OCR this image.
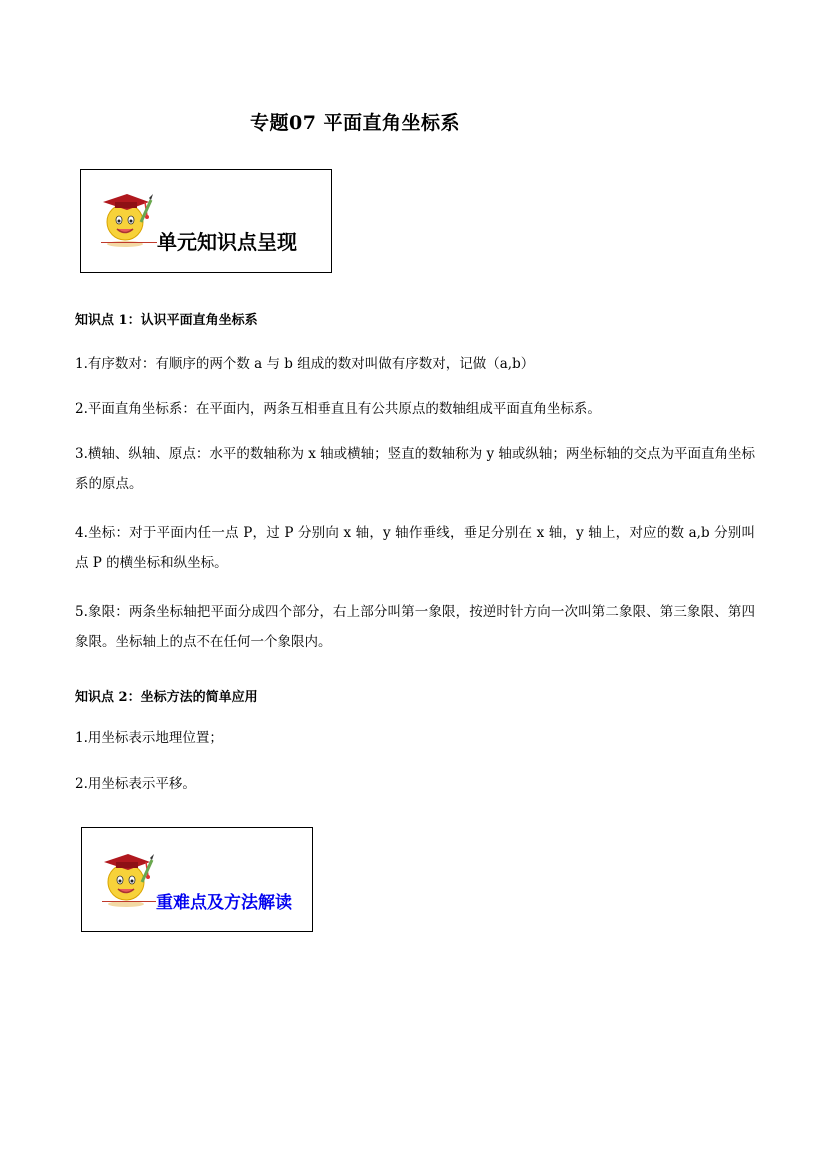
专题07 平面直角坐标系
单元知识点呈现
知识点 1：认识平面直角坐标系
1.有序数对：有顺序的两个数 a 与 b 组成的数对叫做有序数对，记做（a,b）
2.平面直角坐标系：在平面内，两条互相垂直且有公共原点的数轴组成平面直角坐标系。
3.横轴、纵轴、原点：水平的数轴称为 x 轴或横轴；竖直的数轴称为 y 轴或纵轴；两坐标轴的交点为平面直角坐标系的原点。
4.坐标：对于平面内任一点 P，过 P 分别向 x 轴，y 轴作垂线，垂足分别在 x 轴，y 轴上，对应的数 a,b 分别叫点 P 的横坐标和纵坐标。
5.象限：两条坐标轴把平面分成四个部分，右上部分叫第一象限，按逆时针方向一次叫第二象限、第三象限、第四象限。坐标轴上的点不在任何一个象限内。
知识点 2：坐标方法的简单应用
1.用坐标表示地理位置；
2.用坐标表示平移。
重难点及方法解读
